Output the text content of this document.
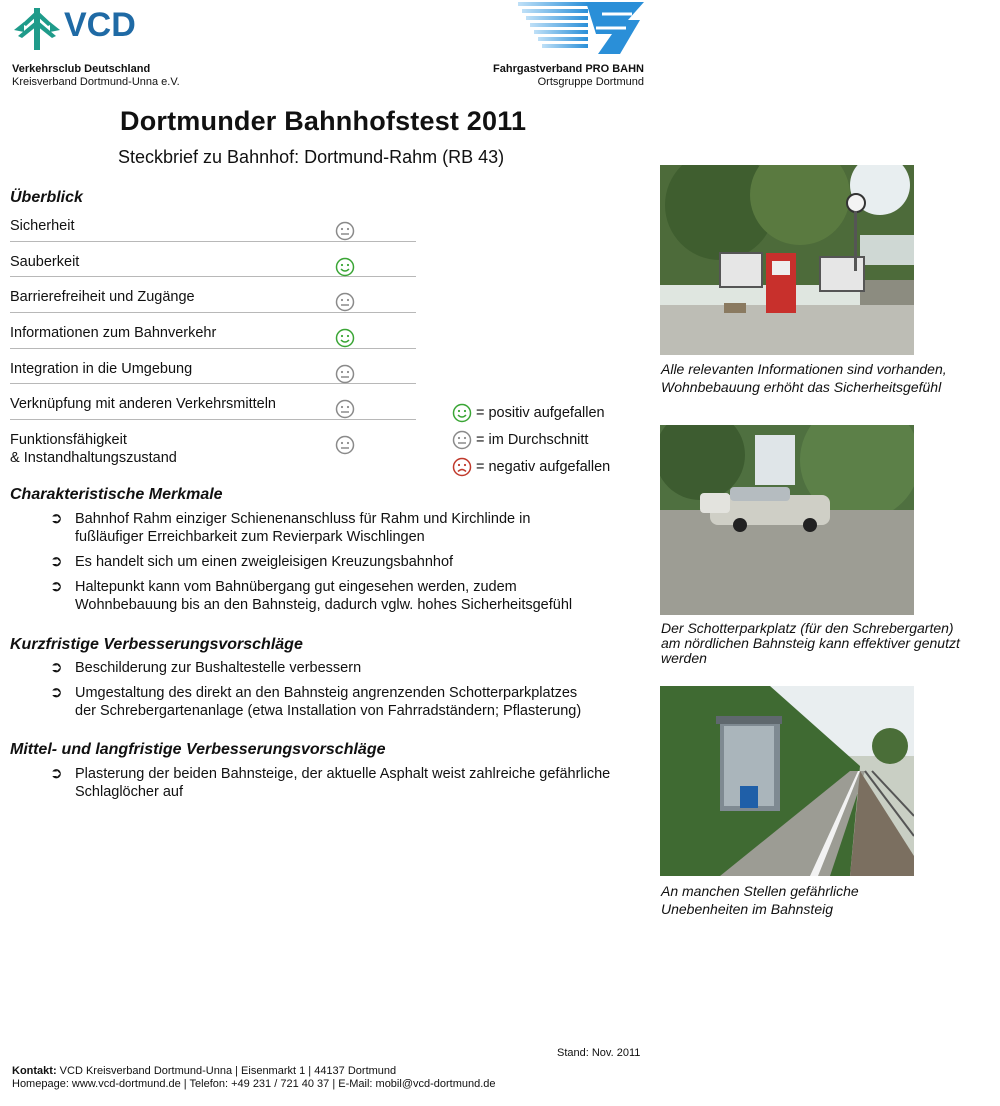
VCD
Verkehrsclub Deutschland
Kreisverband Dortmund-Unna e.V.
Fahrgastverband PRO BAHN
Ortsgruppe Dortmund
Dortmunder Bahnhofstest 2011
Steckbrief zu Bahnhof: Dortmund-Rahm (RB 43)
Überblick
Sicherheit
Sauberkeit
Barrierefreiheit und Zugänge
Informationen zum Bahnverkehr
Integration in die Umgebung
Verknüpfung mit anderen Verkehrsmitteln
Funktionsfähigkeit
& Instandhaltungszustand
= positiv aufgefallen
= im Durchschnitt
= negativ aufgefallen
Charakteristische Merkmale
➲ Bahnhof Rahm einziger Schienenanschluss für Rahm und Kirchlinde in fußläufiger Erreichbarkeit zum Revierpark Wischlingen
➲ Es handelt sich um einen zweigleisigen Kreuzungsbahnhof
➲ Haltepunkt kann vom Bahnübergang gut eingesehen werden, zudem Wohnbebauung bis an den Bahnsteig, dadurch vglw. hohes Sicherheitsgefühl
Kurzfristige Verbesserungsvorschläge
➲ Beschilderung zur Bushaltestelle verbessern
➲ Umgestaltung des direkt an den Bahnsteig angrenzenden Schotterparkplatzes der Schrebergartenanlage (etwa Installation von Fahrradständern; Pflasterung)
Mittel- und langfristige Verbesserungsvorschläge
➲ Plasterung der beiden Bahnsteige, der aktuelle Asphalt weist zahlreiche gefährliche Schlaglöcher auf
Alle relevanten Informationen sind vorhanden,
Wohnbebauung erhöht das Sicherheitsgefühl
Der Schotterparkplatz (für den Schrebergarten)
am nördlichen Bahnsteig kann effektiver genutzt
werden
An manchen Stellen gefährliche
Unebenheiten im Bahnsteig
Stand: Nov. 2011
Kontakt: VCD Kreisverband Dortmund-Unna | Eisenmarkt 1 | 44137 Dortmund
Homepage: www.vcd-dortmund.de | Telefon: +49 231 / 721 40 37 | E-Mail: mobil@vcd-dortmund.de
